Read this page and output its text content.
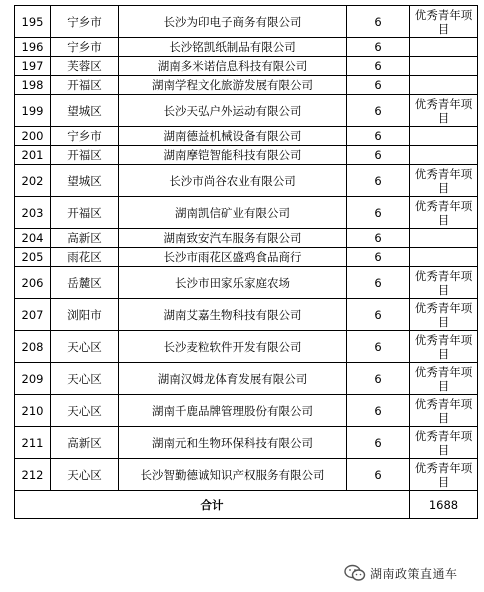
195	宁乡市	长沙为印电子商务有限公司	6	优秀青年项目
196	宁乡市	长沙铭凯纸制品有限公司	6	
197	芙蓉区	湖南多米诺信息科技有限公司	6	
198	开福区	湖南学程文化旅游发展有限公司	6	
199	望城区	长沙天弘户外运动有限公司	6	优秀青年项目
200	宁乡市	湖南德益机械设备有限公司	6	
201	开福区	湖南摩铠智能科技有限公司	6	
202	望城区	长沙市尚谷农业有限公司	6	优秀青年项目
203	开福区	湖南凯信矿业有限公司	6	优秀青年项目
204	高新区	湖南致安汽车服务有限公司	6	
205	雨花区	长沙市雨花区盛鸡食品商行	6	
206	岳麓区	长沙市田家乐家庭农场	6	优秀青年项目
207	浏阳市	湖南艾嘉生物科技有限公司	6	优秀青年项目
208	天心区	长沙麦粒软件开发有限公司	6	优秀青年项目
209	天心区	湖南汉姆龙体育发展有限公司	6	优秀青年项目
210	天心区	湖南千鹿品牌管理股份有限公司	6	优秀青年项目
211	高新区	湖南元和生物环保科技有限公司	6	优秀青年项目
212	天心区	长沙智勤德诚知识产权服务有限公司	6	优秀青年项目
合计				1688
湖南政策直通车
